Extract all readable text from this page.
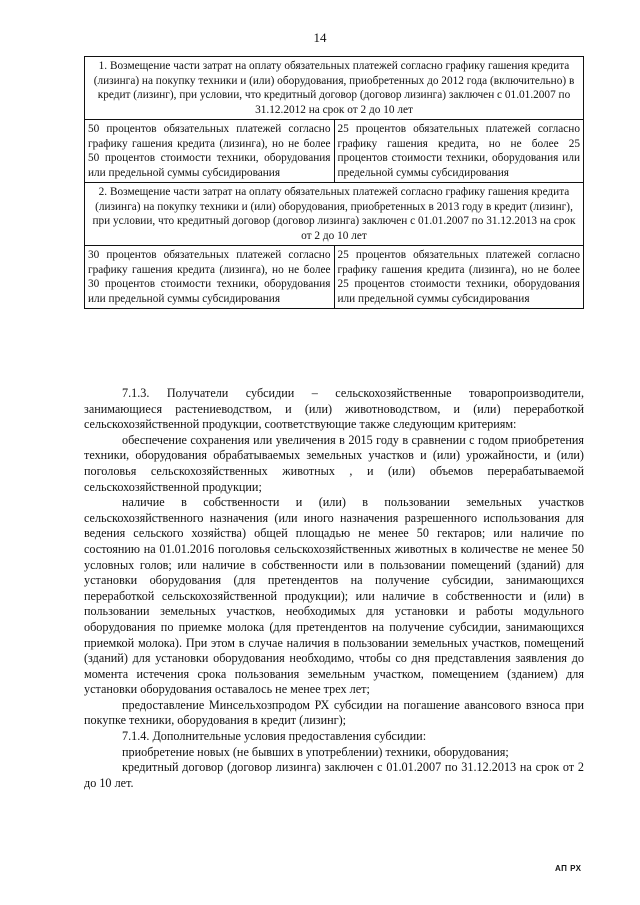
14
1. Возмещение части затрат на оплату обязательных платежей согласно графику гашения кредита (лизинга) на покупку техники и (или) оборудования, приобретенных до 2012 года (включительно) в кредит (лизинг), при условии, что кредитный договор (договор лизинга) заключен с 01.01.2007 по 31.12.2012 на срок от 2 до 10 лет	
50 процентов обязательных платежей согласно графику гашения кредита (лизинга), но не более 50 процентов стоимости техники, оборудования или предельной суммы субсидирования	25 процентов обязательных платежей согласно графику гашения кредита, но не более 25 процентов стоимости техники, оборудования или предельной суммы субсидирования
2. Возмещение части затрат на оплату обязательных платежей согласно графику гашения кредита (лизинга) на покупку техники и (или) оборудования, приобретенных в 2013 году в кредит (лизинг), при условии, что кредитный договор (договор лизинга) заключен с 01.01.2007 по 31.12.2013 на срок от 2 до 10 лет	
30 процентов обязательных платежей согласно графику гашения кредита (лизинга), но не более 30 процентов стоимости техники, оборудования или предельной суммы субсидирования	25 процентов обязательных платежей согласно графику гашения кредита (лизинга), но не более 25 процентов стоимости техники, оборудования или предельной суммы субсидирования

7.1.3. Получатели субсидии – сельскохозяйственные товаропроизводители, занимающиеся растениеводством, и (или) животноводством, и (или) переработкой сельскохозяйственной продукции, соответствующие также следующим критериям:

обеспечение сохранения или увеличения в 2015 году в сравнении с годом приобретения техники, оборудования обрабатываемых земельных участков и (или) урожайности, и (или) поголовья сельскохозяйственных животных , и (или) объемов перерабатываемой сельскохозяйственной продукции;

наличие в собственности и (или) в пользовании земельных участков сельскохозяйственного назначения (или иного назначения разрешенного использования для ведения сельского хозяйства) общей площадью не менее 50 гектаров; или наличие по состоянию на 01.01.2016 поголовья сельскохозяйственных животных в количестве не менее 50 условных голов; или наличие в собственности или в пользовании помещений (зданий) для установки оборудования (для претендентов на получение субсидии, занимающихся переработкой сельскохозяйственной продукции); или наличие в собственности и (или) в пользовании земельных участков, необходимых для установки и работы модульного оборудования по приемке молока (для претендентов на получение субсидии, занимающихся приемкой молока). При этом в случае наличия в пользовании земельных участков, помещений (зданий) для установки оборудования необходимо, чтобы со дня представления заявления до момента истечения срока пользования земельным участком, помещением (зданием) для установки оборудования оставалось не менее трех лет;

предоставление Минсельхозпродом РХ субсидии на погашение авансового взноса при покупке техники, оборудования в кредит (лизинг);

7.1.4. Дополнительные условия предоставления субсидии:

приобретение новых (не бывших в употреблении) техники, оборудования;

кредитный договор (договор лизинга) заключен с 01.01.2007 по 31.12.2013 на срок от 2 до 10 лет.

АП РХ
